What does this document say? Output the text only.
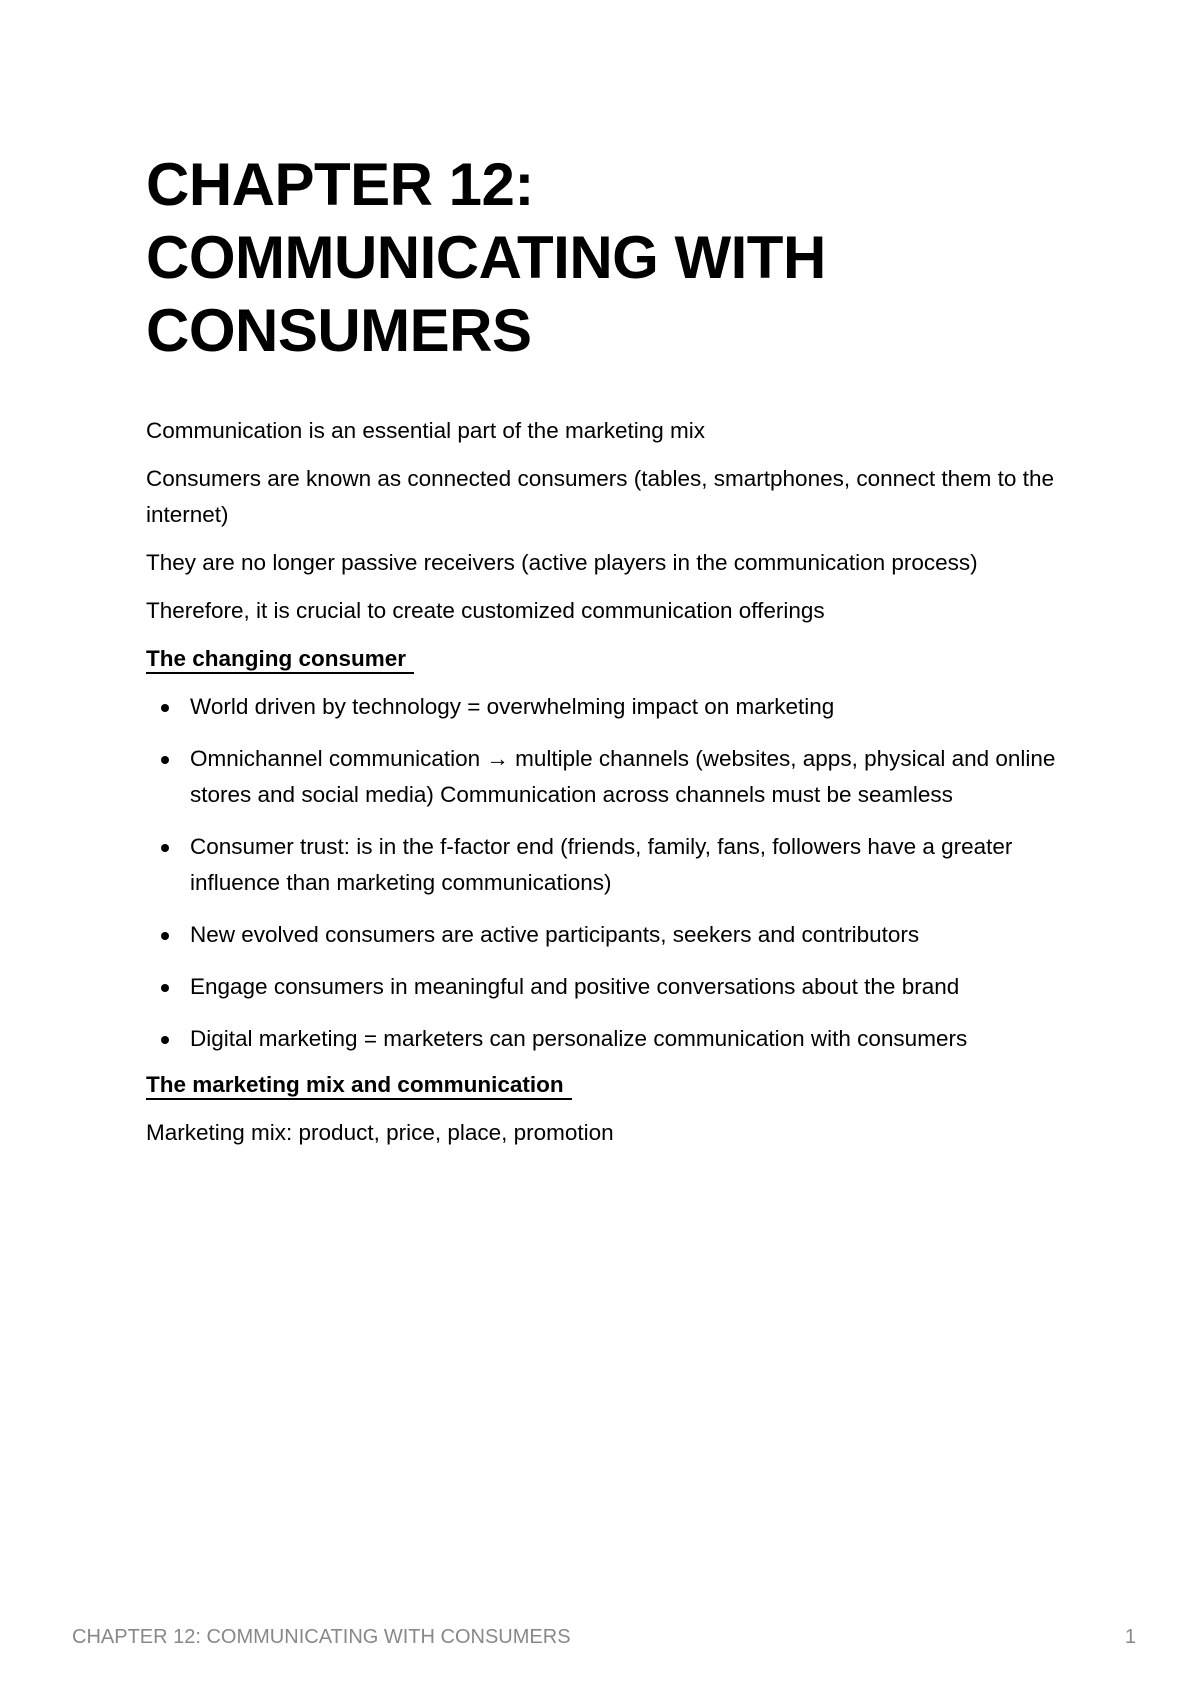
CHAPTER 12:
COMMUNICATING WITH
CONSUMERS

Communication is an essential part of the marketing mix

Consumers are known as connected consumers (tables, smartphones, connect them to the internet)

They are no longer passive receivers (active players in the communication process)

Therefore, it is crucial to create customized communication offerings

The changing consumer
World driven by technology = overwhelming impact on marketing
Omnichannel communication → multiple channels (websites, apps, physical and online stores and social media) Communication across channels must be seamless
Consumer trust: is in the f-factor end (friends, family, fans, followers have a greater influence than marketing communications)
New evolved consumers are active participants, seekers and contributors
Engage consumers in meaningful and positive conversations about the brand
Digital marketing = marketers can personalize communication with consumers
The marketing mix and communication

Marketing mix: product, price, place, promotion

CHAPTER 12: COMMUNICATING WITH CONSUMERS	1
